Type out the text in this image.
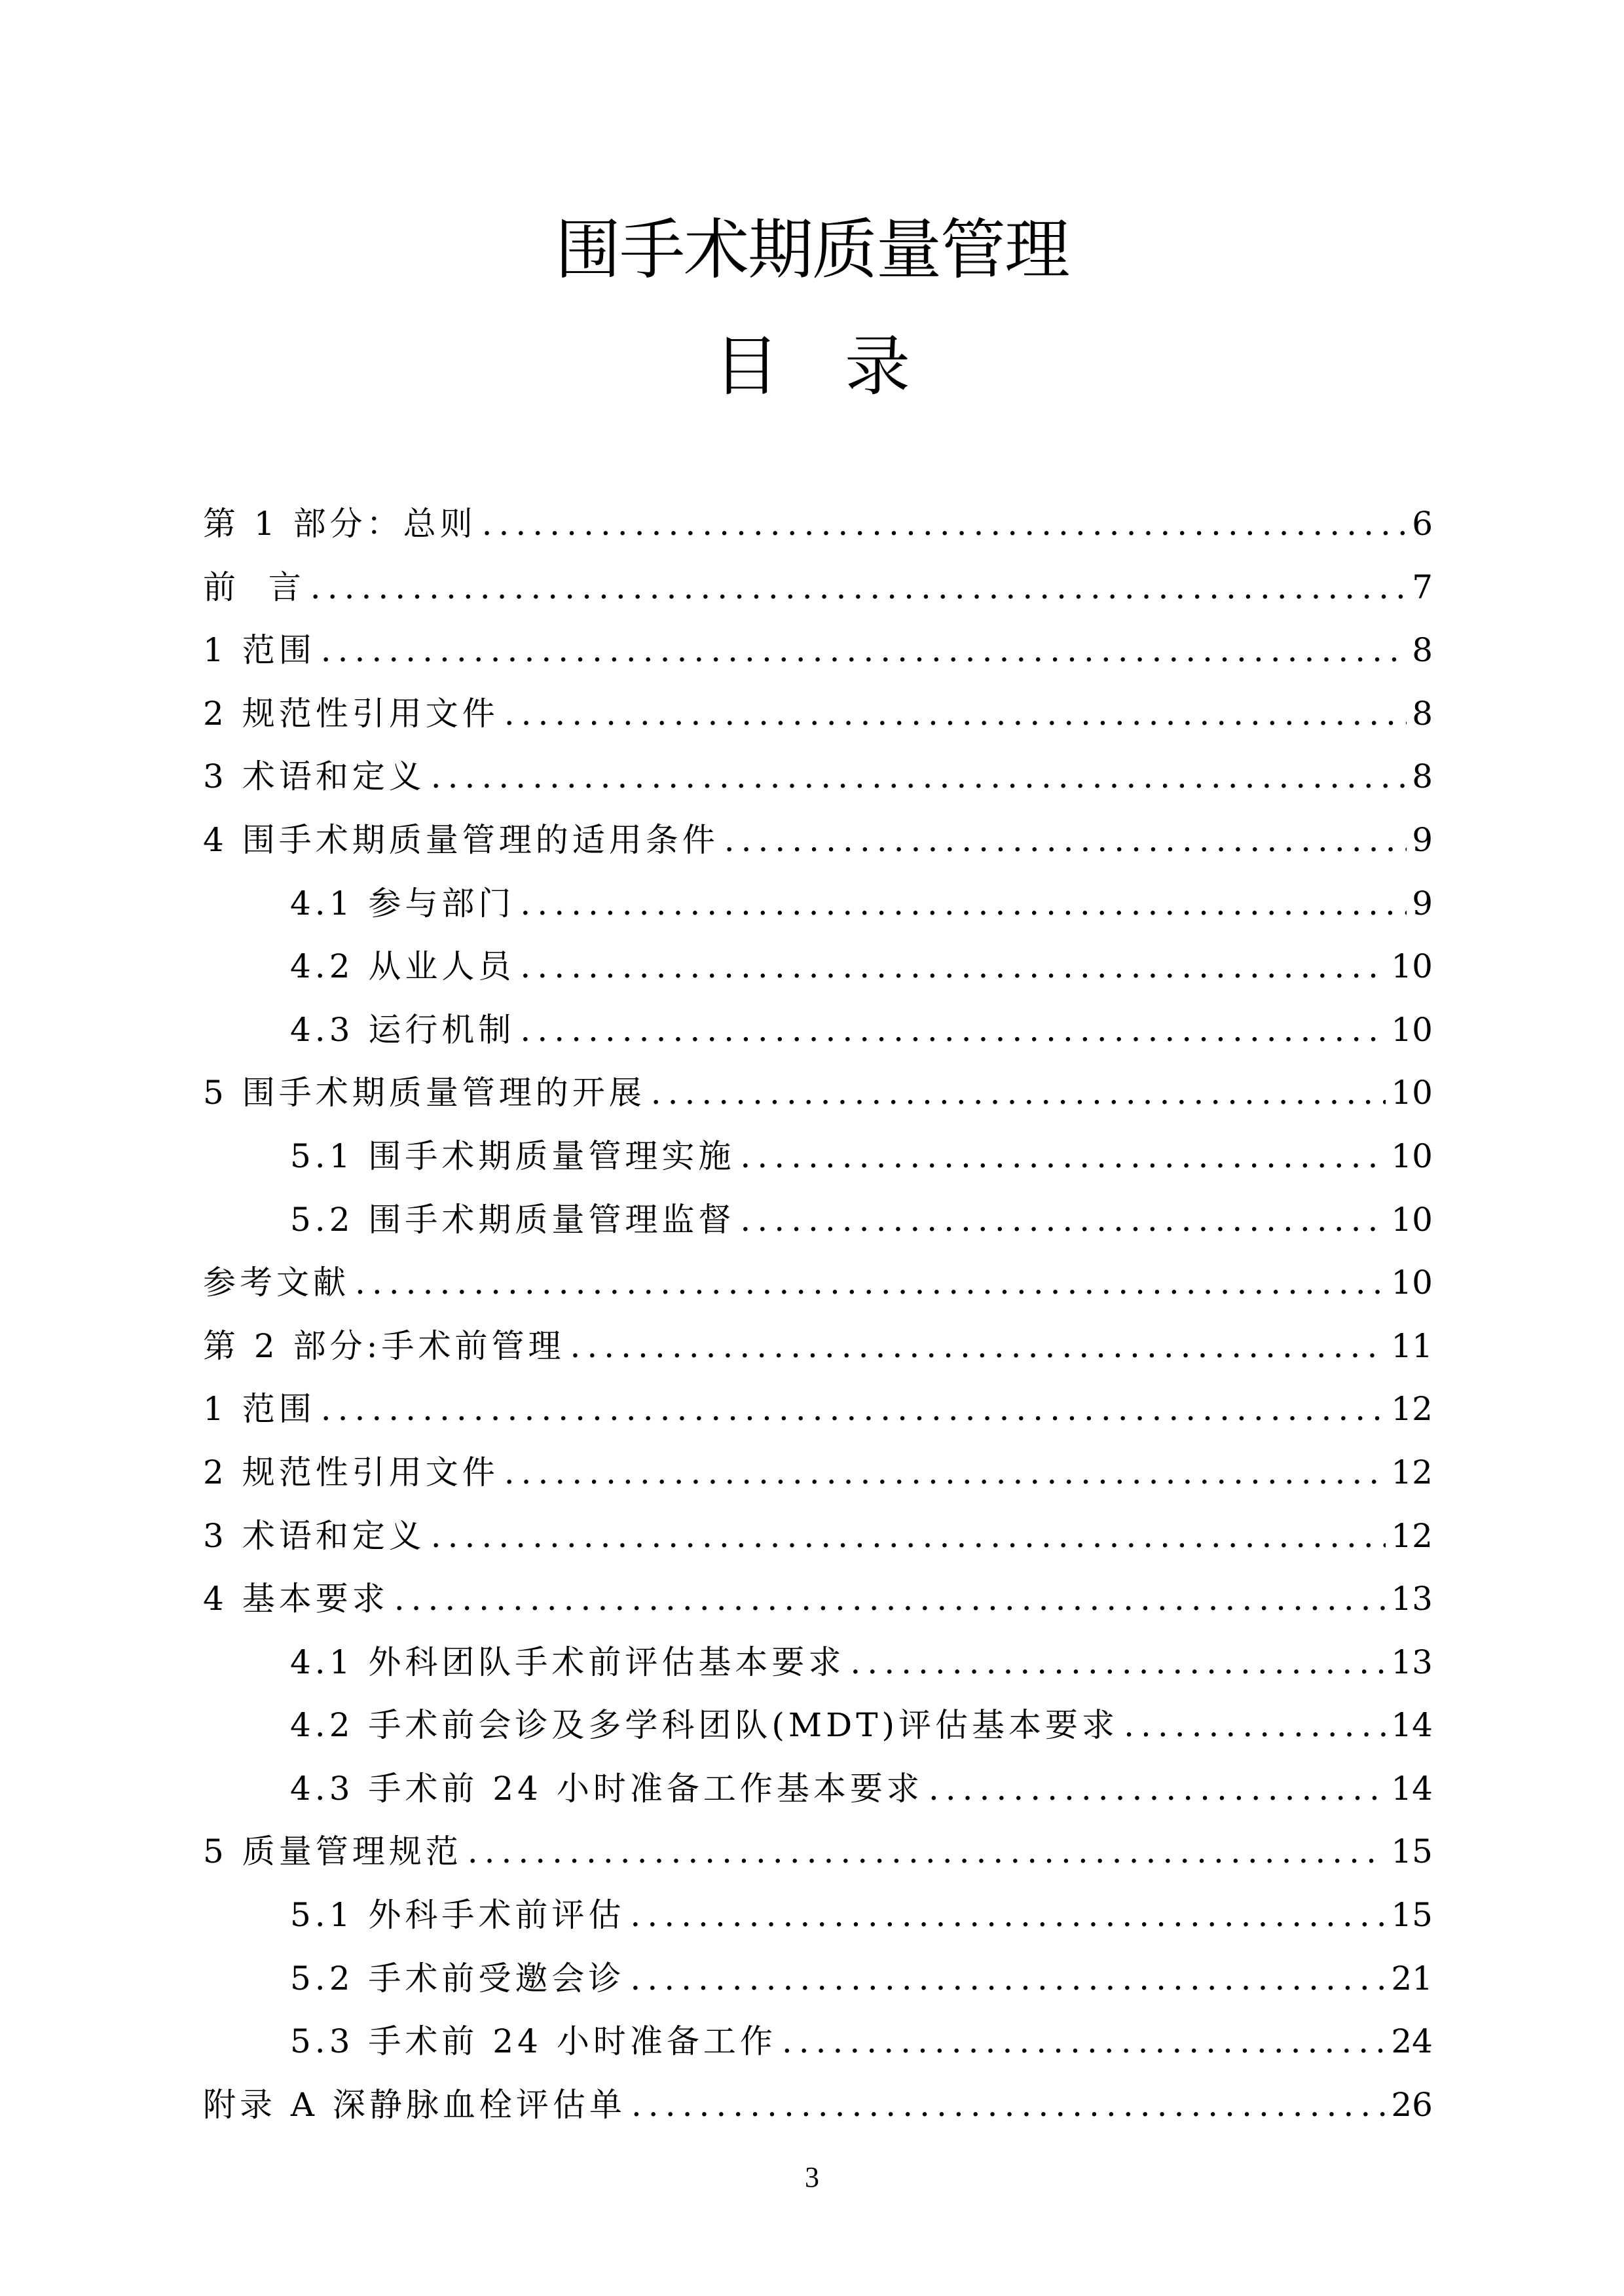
围手术期质量管理
目 录
第 1 部分：总则 .....	6
前  言 .....	7
1 范围 .....	8
2 规范性引用文件 .....	8
3 术语和定义 .....	8
4 围手术期质量管理的适用条件 .....	9
4.1 参与部门 .....	9
4.2 从业人员 .....	10
4.3 运行机制 .....	10
5 围手术期质量管理的开展 .....	10
5.1 围手术期质量管理实施 .....	10
5.2 围手术期质量管理监督 .....	10
参考文献 .....	10
第 2 部分:手术前管理 .....	11
1 范围 .....	12
2 规范性引用文件 .....	12
3 术语和定义 .....	12
4 基本要求 .....	13
4.1 外科团队手术前评估基本要求 .....	13
4.2 手术前会诊及多学科团队(MDT)评估基本要求 .....	14
4.3 手术前 24 小时准备工作基本要求 .....	14
5 质量管理规范 .....	15
5.1 外科手术前评估 .....	15
5.2 手术前受邀会诊 .....	21
5.3 手术前 24 小时准备工作 .....	24
附录 A 深静脉血栓评估单 .....	26
3
